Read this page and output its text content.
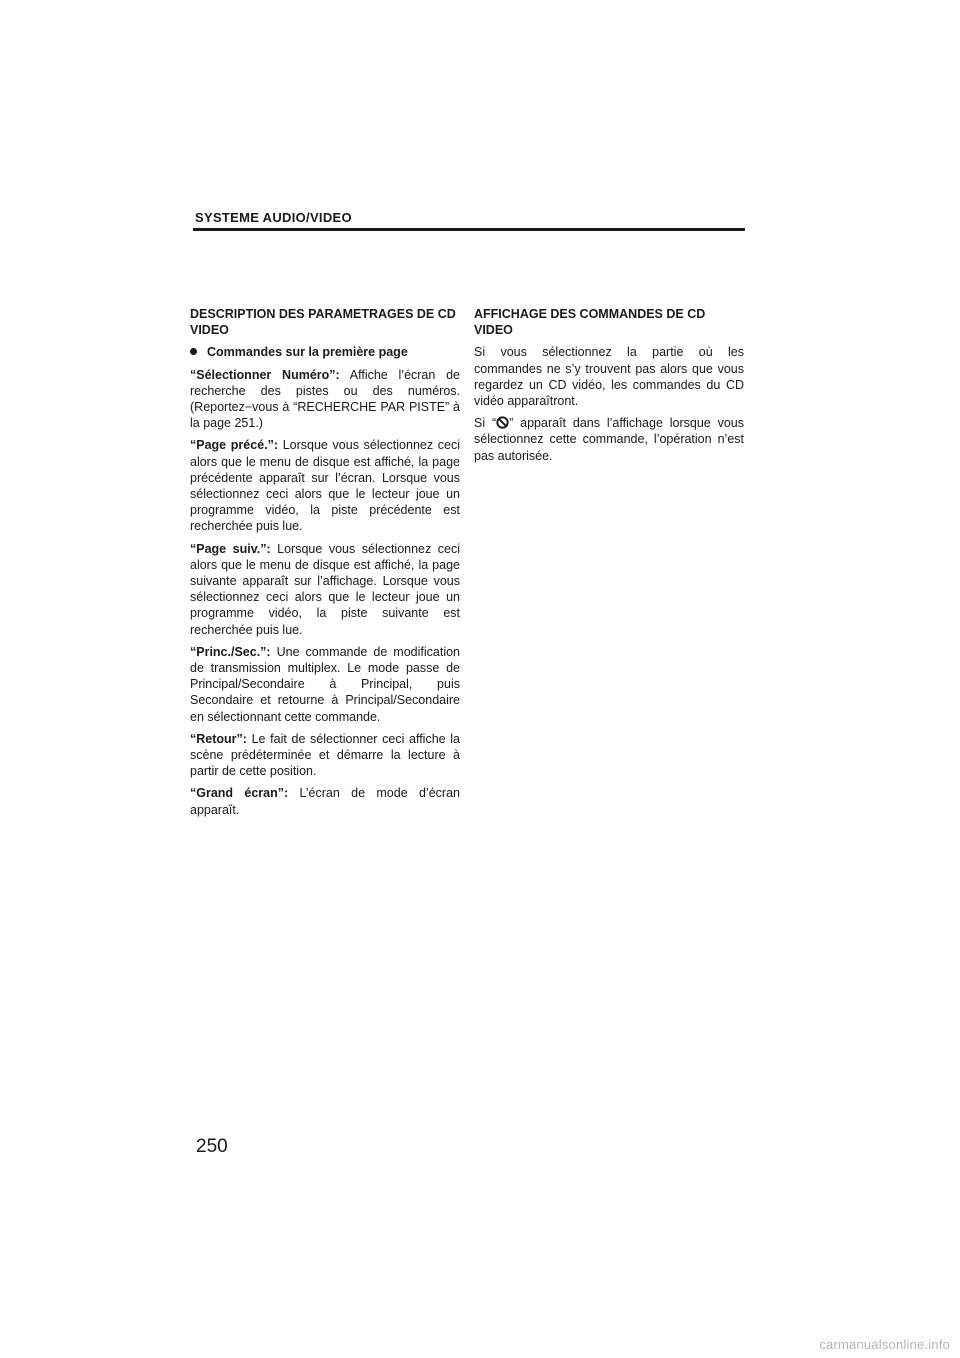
SYSTEME AUDIO/VIDEO

DESCRIPTION DES PARAMETRAGES DE CD VIDEO

Commandes sur la première page

“Sélectionner Numéro”: Affiche l’écran de recherche des pistes ou des numéros. (Reportez−vous à “RECHERCHE PAR PISTE” à la page 251.)

“Page précé.”: Lorsque vous sélectionnez ceci alors que le menu de disque est affiché, la page précédente apparaît sur l’écran. Lorsque vous sélectionnez ceci alors que le lecteur joue un programme vidéo, la piste précédente est recherchée puis lue.

“Page suiv.”: Lorsque vous sélectionnez ceci alors que le menu de disque est affiché, la page suivante apparaît sur l’affichage. Lorsque vous sélectionnez ceci alors que le lecteur joue un programme vidéo, la piste suivante est recherchée puis lue.

“Princ./Sec.”: Une commande de modification de transmission multiplex. Le mode passe de Principal/Secondaire à Principal, puis Secondaire et retourne à Principal/Secondaire en sélectionnant cette commande.

“Retour”: Le fait de sélectionner ceci affiche la scène prédéterminée et démarre la lecture à partir de cette position.

“Grand écran”: L’écran de mode d’écran apparaît.

AFFICHAGE DES COMMANDES DE CD VIDEO

Si vous sélectionnez la partie où les commandes ne s’y trouvent pas alors que vous regardez un CD vidéo, les commandes du CD vidéo apparaîtront.

Si “ ” apparaît dans l’affichage lorsque vous sélectionnez cette commande, l’opération n’est pas autorisée.

250
carmanualsonline.info
